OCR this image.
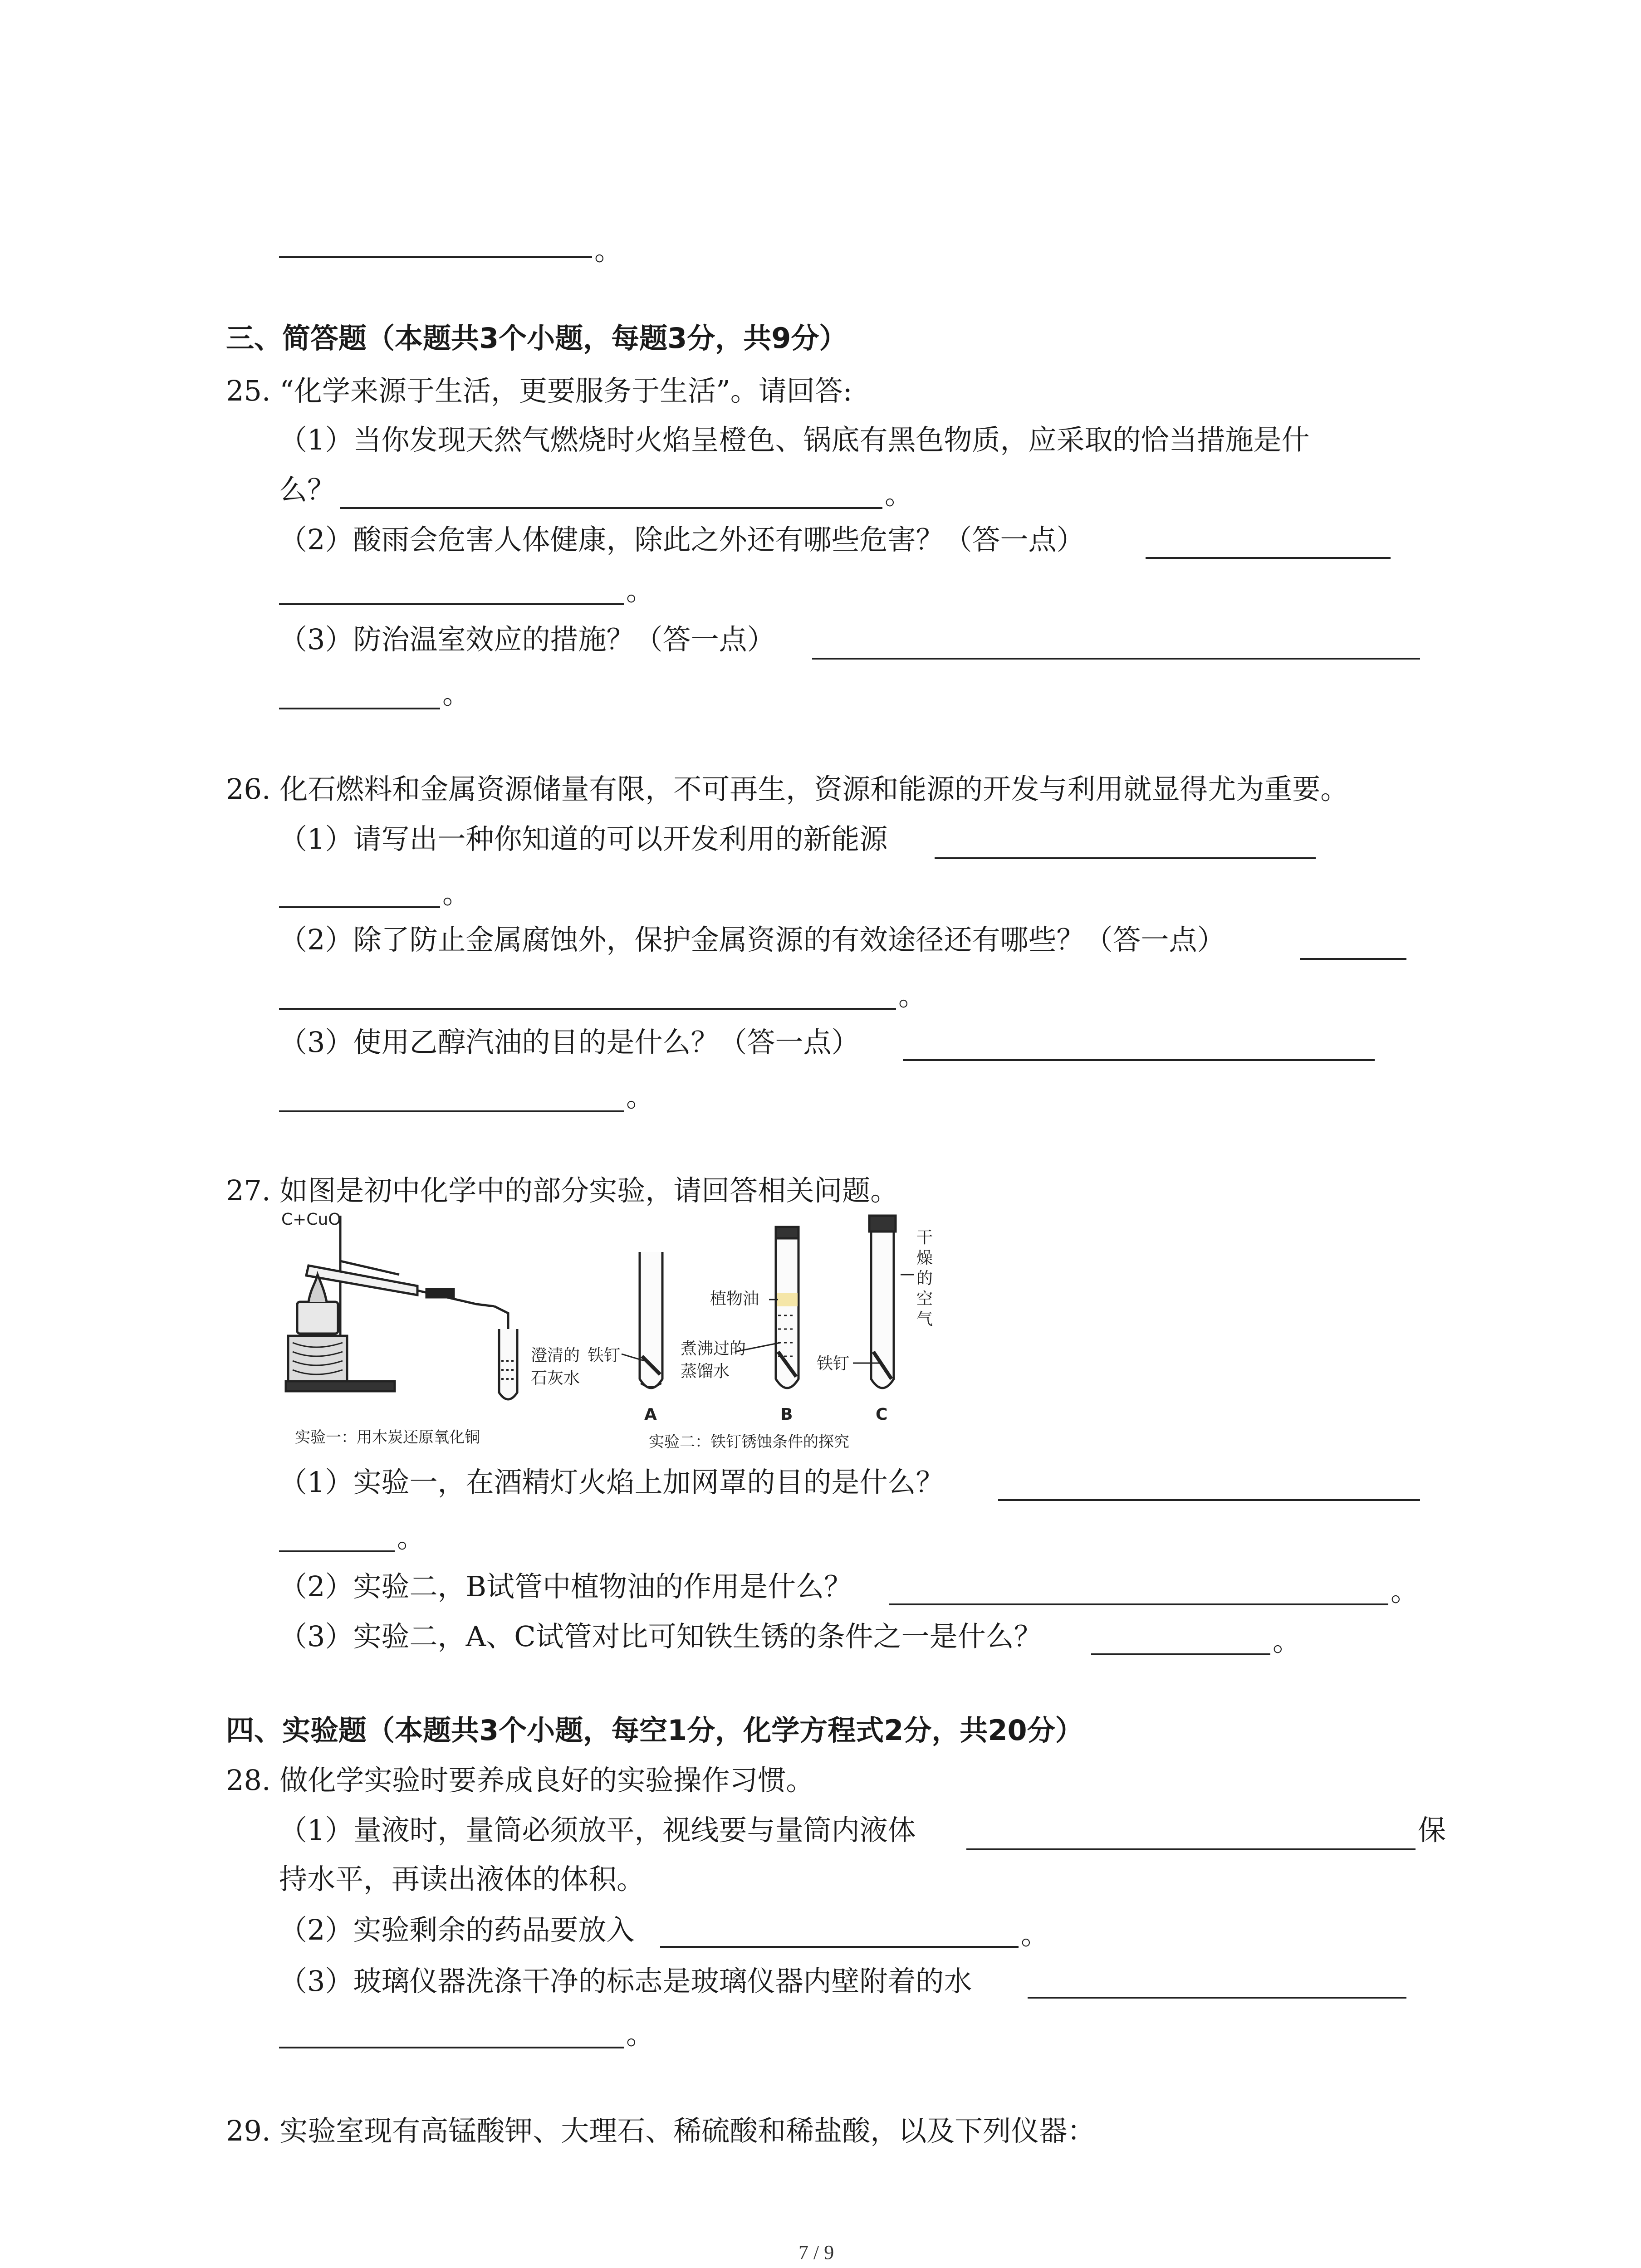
。
三、简答题（本题共3个小题，每题3分，共9分）
25. “化学来源于生活，更要服务于生活”。请回答:
（1）当你发现天然气燃烧时火焰呈橙色、锅底有黑色物质，应采取的恰当措施是什
么？	。
（2）酸雨会危害人体健康，除此之外还有哪些危害？（答一点）
。
（3）防治温室效应的措施？（答一点）
。
26. 化石燃料和金属资源储量有限，不可再生，资源和能源的开发与利用就显得尤为重要。
（1）请写出一种你知道的可以开发利用的新能源
。
（2）除了防止金属腐蚀外，保护金属资源的有效途径还有哪些？（答一点）
。
（3）使用乙醇汽油的目的是什么？（答一点）
。
27. 如图是初中化学中的部分实验，请回答相关问题。
C+CuO
澄清的
石灰水
实验一：用木炭还原氧化铜
铁钉
植物油
煮沸过的
蒸馏水	铁钉
干
燥
的
空
气
A	B	C
实验二：铁钉锈蚀条件的探究
（1）实验一，在酒精灯火焰上加网罩的目的是什么？
。
（2）实验二，B试管中植物油的作用是什么？	。
（3）实验二，A、C试管对比可知铁生锈的条件之一是什么？	。
四、实验题（本题共3个小题，每空1分，化学方程式2分，共20分）
28. 做化学实验时要养成良好的实验操作习惯。
（1）量液时，量筒必须放平，视线要与量筒内液体	保
持水平，再读出液体的体积。
（2）实验剩余的药品要放入	。
（3）玻璃仪器洗涤干净的标志是玻璃仪器内壁附着的水
。
29. 实验室现有高锰酸钾、大理石、稀硫酸和稀盐酸，以及下列仪器：
7 / 9
